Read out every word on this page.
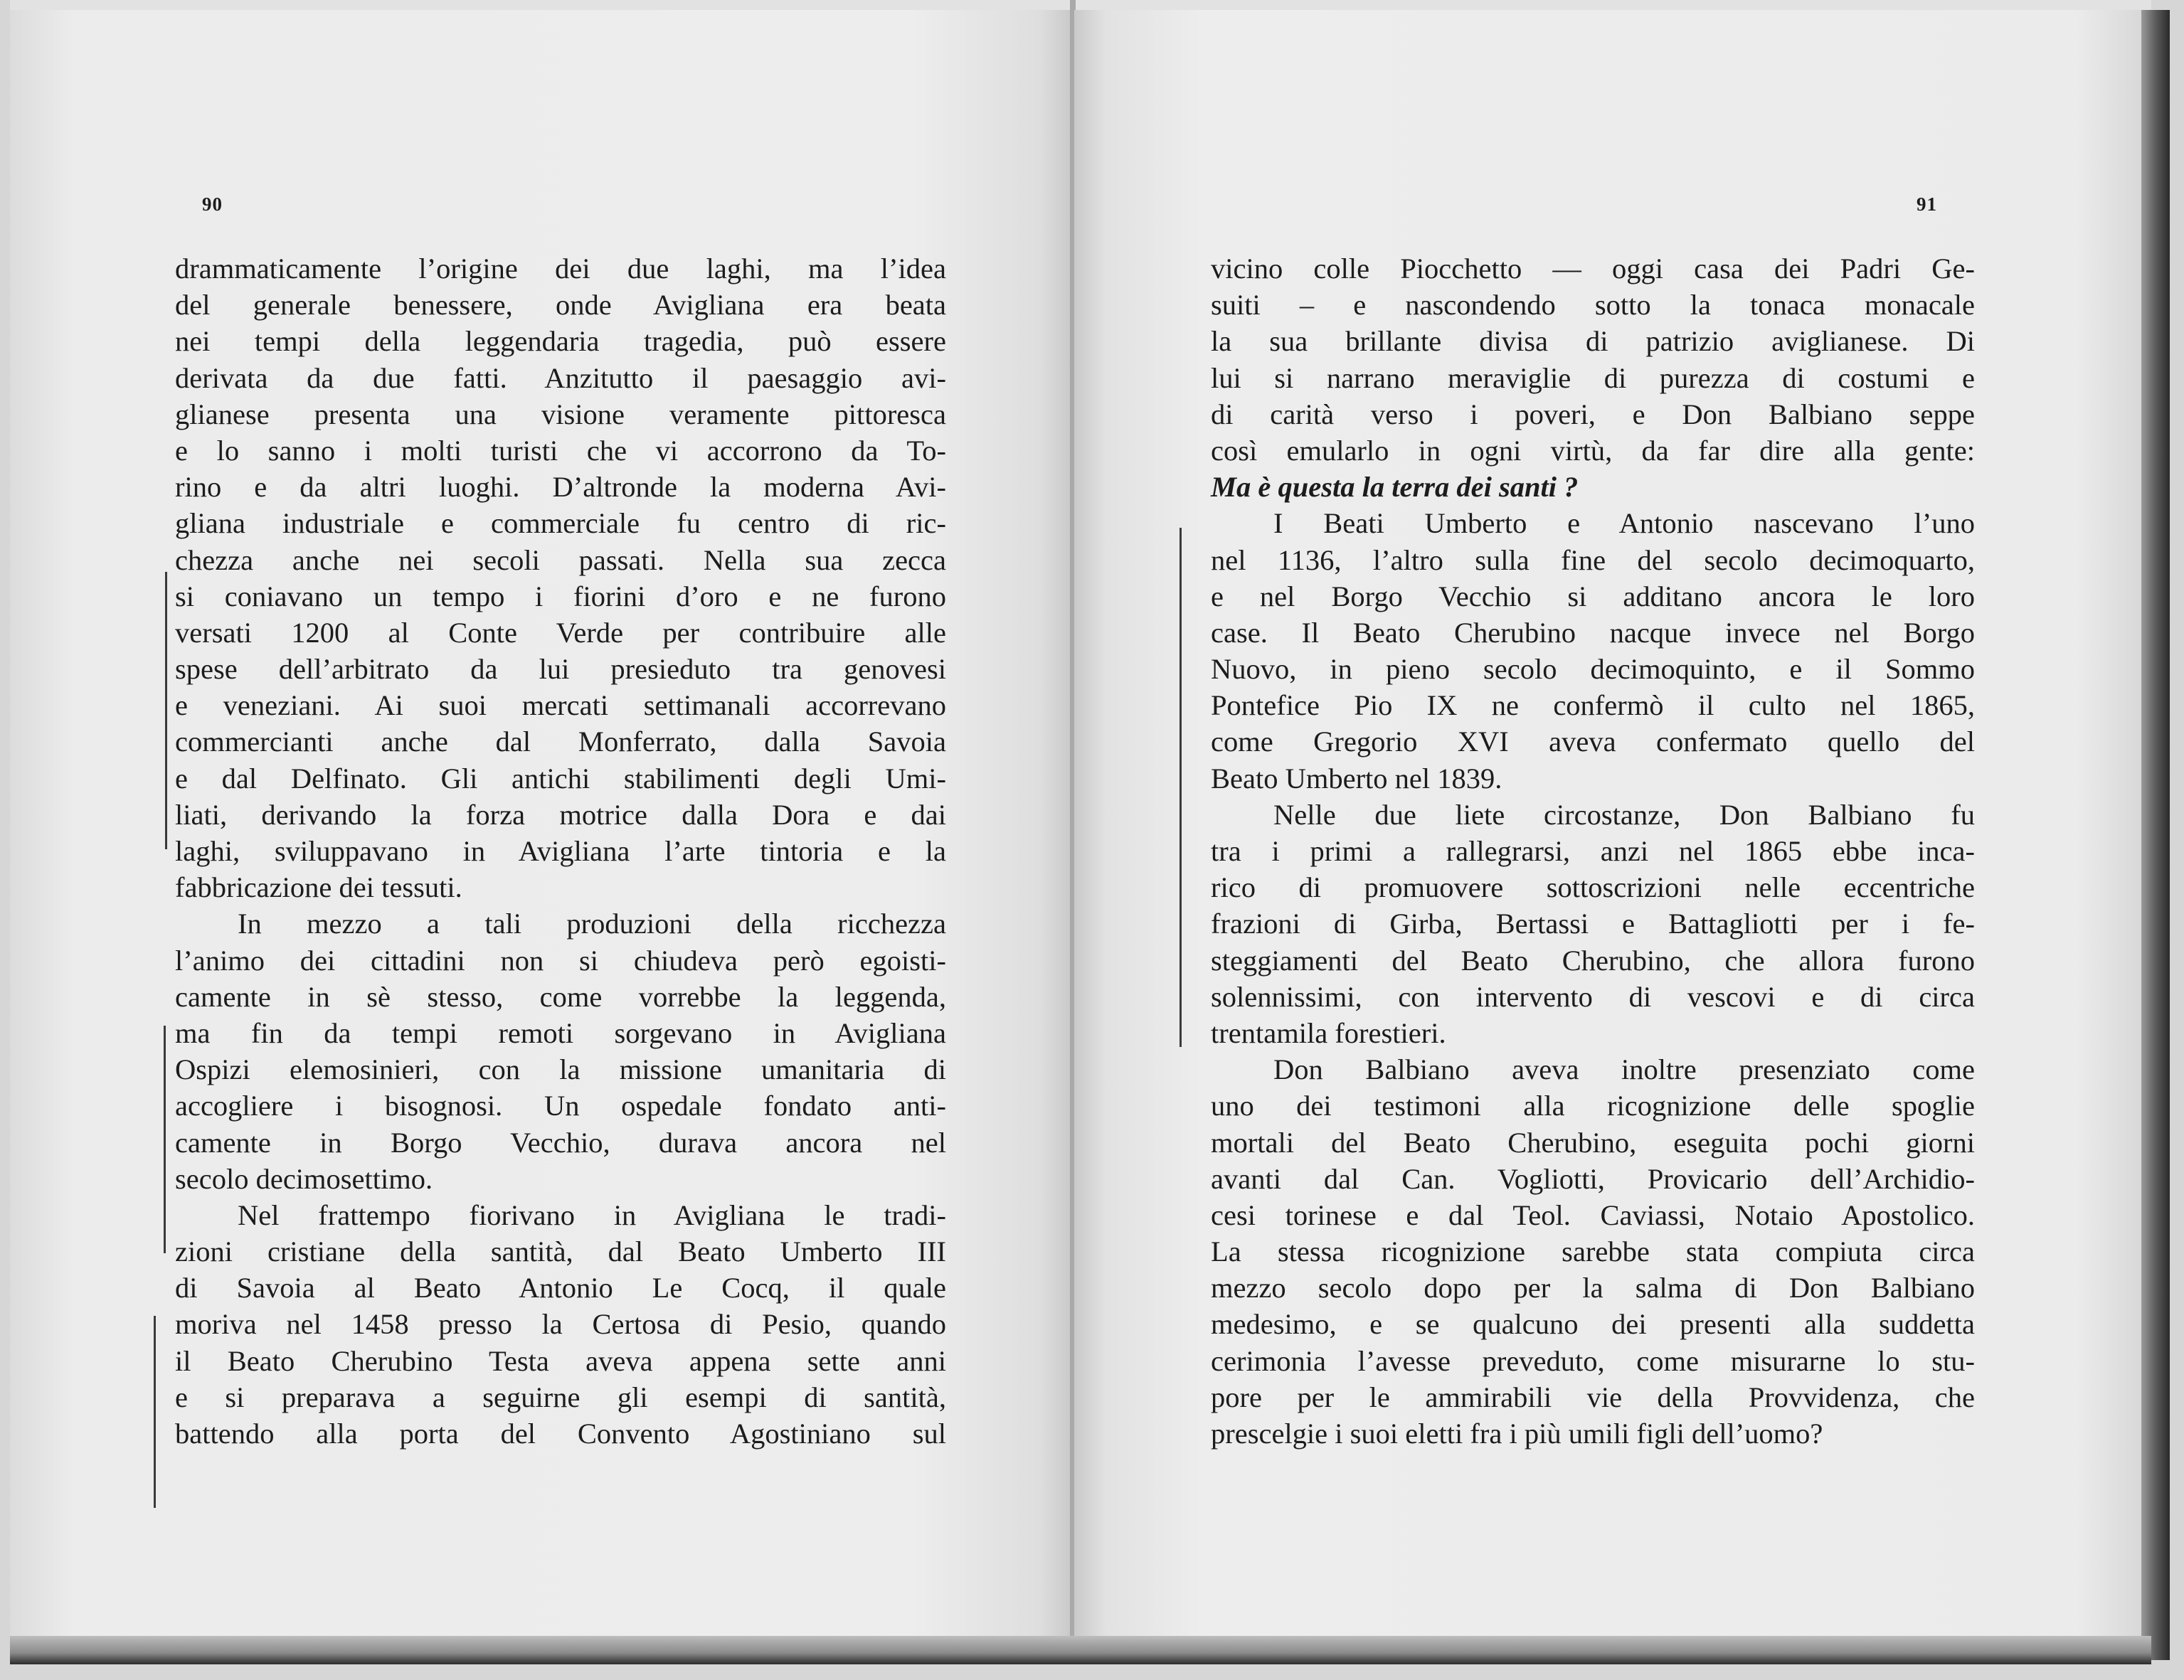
90
drammaticamente l’origine dei due laghi, ma l’idea
del generale benessere, onde Avigliana era beata
nei tempi della leggendaria tragedia, può essere
derivata da due fatti. Anzitutto il paesaggio avi-
glianese presenta una visione veramente pittoresca
e lo sanno i molti turisti che vi accorrono da To-
rino e da altri luoghi. D’altronde la moderna Avi-
gliana industriale e commerciale fu centro di ric-
chezza anche nei secoli passati. Nella sua zecca
si coniavano un tempo i fiorini d’oro e ne furono
versati 1200 al Conte Verde per contribuire alle
spese dell’arbitrato da lui presieduto tra genovesi
e veneziani. Ai suoi mercati settimanali accorrevano
commercianti anche dal Monferrato, dalla Savoia
e dal Delfinato. Gli antichi stabilimenti degli Umi-
liati, derivando la forza motrice dalla Dora e dai
laghi, sviluppavano in Avigliana l’arte tintoria e la
fabbricazione dei tessuti.
In mezzo a tali produzioni della ricchezza
l’animo dei cittadini non si chiudeva però egoisti-
camente in sè stesso, come vorrebbe la leggenda,
ma fin da tempi remoti sorgevano in Avigliana
Ospizi elemosinieri, con la missione umanitaria di
accogliere i bisognosi. Un ospedale fondato anti-
camente in Borgo Vecchio, durava ancora nel
secolo decimosettimo.
Nel frattempo fiorivano in Avigliana le tradi-
zioni cristiane della santità, dal Beato Umberto III
di Savoia al Beato Antonio Le Cocq, il quale
moriva nel 1458 presso la Certosa di Pesio, quando
il Beato Cherubino Testa aveva appena sette anni
e si preparava a seguirne gli esempi di santità,
battendo alla porta del Convento Agostiniano sul
91
vicino colle Piocchetto — oggi casa dei Padri Ge-
suiti – e nascondendo sotto la tonaca monacale
la sua brillante divisa di patrizio aviglianese. Di
lui si narrano meraviglie di purezza di costumi e
di carità verso i poveri, e Don Balbiano seppe
così emularlo in ogni virtù, da far dire alla gente:
Ma è questa la terra dei santi ?
I Beati Umberto e Antonio nascevano l’uno
nel 1136, l’altro sulla fine del secolo decimoquarto,
e nel Borgo Vecchio si additano ancora le loro
case. Il Beato Cherubino nacque invece nel Borgo
Nuovo, in pieno secolo decimoquinto, e il Sommo
Pontefice Pio IX ne confermò il culto nel 1865,
come Gregorio XVI aveva confermato quello del
Beato Umberto nel 1839.
Nelle due liete circostanze, Don Balbiano fu
tra i primi a rallegrarsi, anzi nel 1865 ebbe inca-
rico di promuovere sottoscrizioni nelle eccentriche
frazioni di Girba, Bertassi e Battagliotti per i fe-
steggiamenti del Beato Cherubino, che allora furono
solennissimi, con intervento di vescovi e di circa
trentamila forestieri.
Don Balbiano aveva inoltre presenziato come
uno dei testimoni alla ricognizione delle spoglie
mortali del Beato Cherubino, eseguita pochi giorni
avanti dal Can. Vogliotti, Provicario dell’Archidio-
cesi torinese e dal Teol. Caviassi, Notaio Apostolico.
La stessa ricognizione sarebbe stata compiuta circa
mezzo secolo dopo per la salma di Don Balbiano
medesimo, e se qualcuno dei presenti alla suddetta
cerimonia l’avesse preveduto, come misurarne lo stu-
pore per le ammirabili vie della Provvidenza, che
prescelgie i suoi eletti fra i più umili figli dell’uomo?
